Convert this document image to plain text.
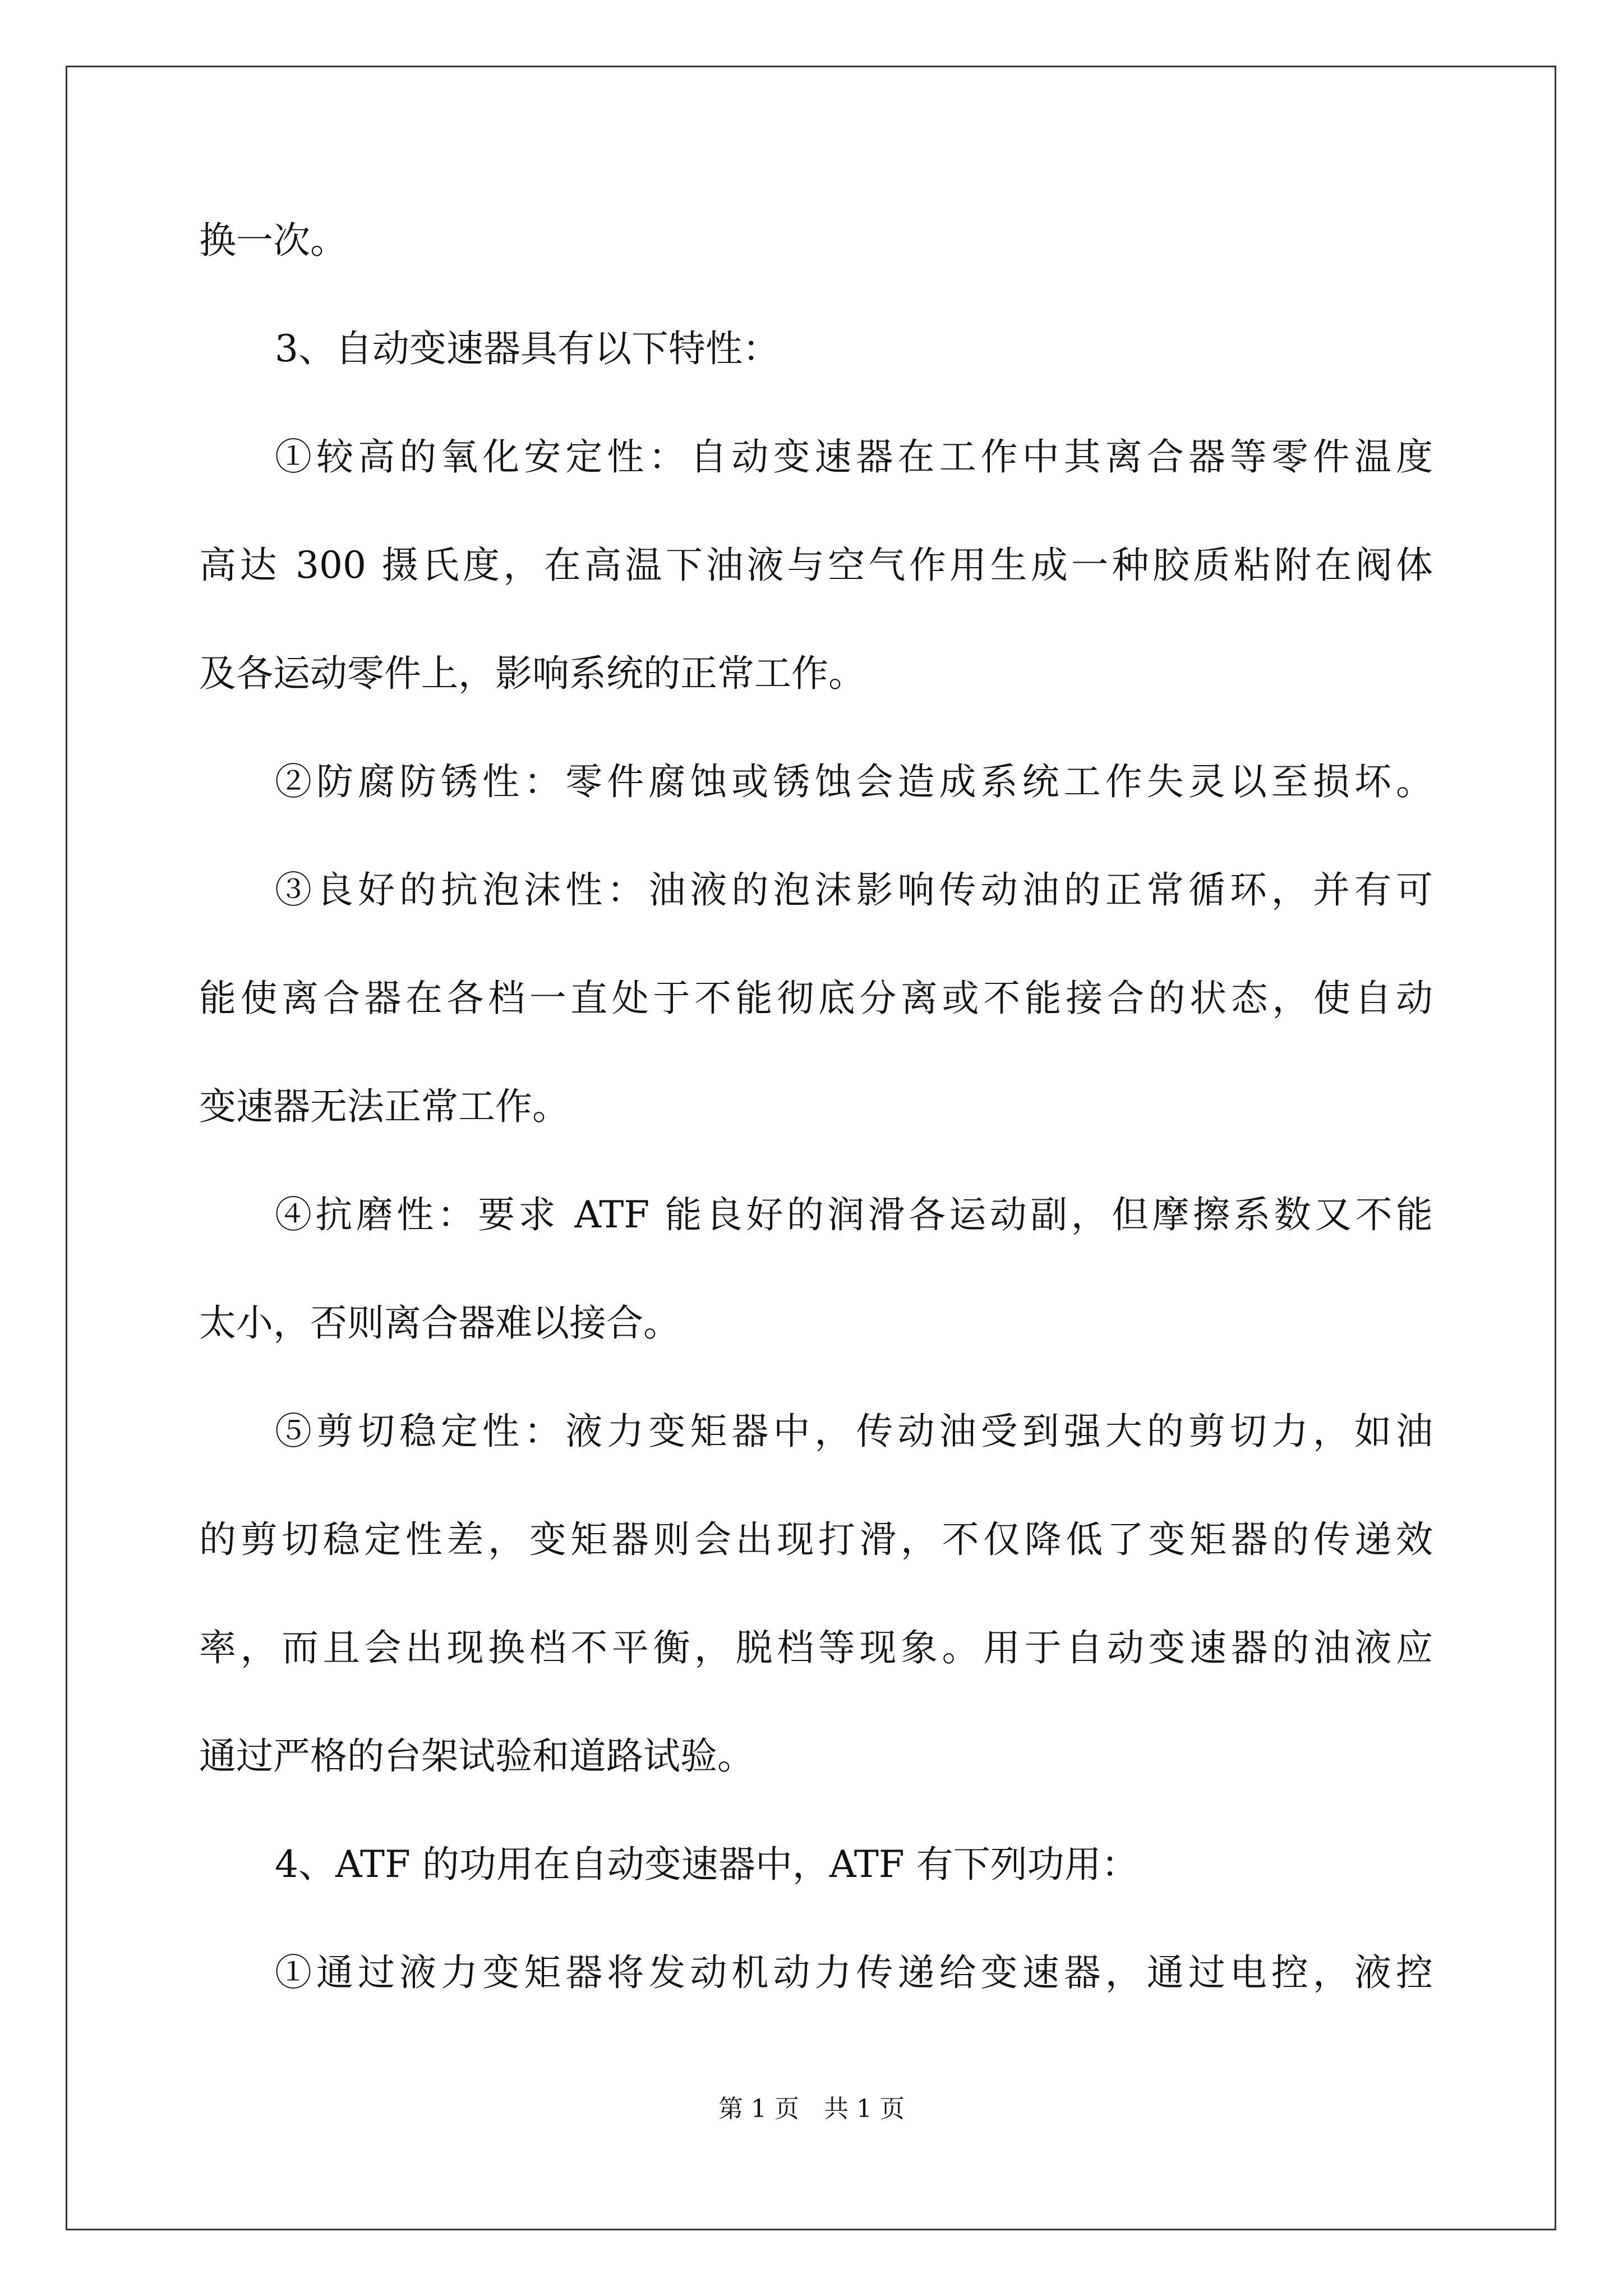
换一次。
3、自动变速器具有以下特性：
①较高的氧化安定性：自动变速器在工作中其离合器等零件温度
高达 300 摄氏度，在高温下油液与空气作用生成一种胶质粘附在阀体
及各运动零件上，影响系统的正常工作。
②防腐防锈性：零件腐蚀或锈蚀会造成系统工作失灵以至损坏。
③良好的抗泡沫性：油液的泡沫影响传动油的正常循环，并有可
能使离合器在各档一直处于不能彻底分离或不能接合的状态，使自动
变速器无法正常工作。
④抗磨性：要求 ATF 能良好的润滑各运动副，但摩擦系数又不能
太小，否则离合器难以接合。
⑤剪切稳定性：液力变矩器中，传动油受到强大的剪切力，如油
的剪切稳定性差，变矩器则会出现打滑，不仅降低了变矩器的传递效
率，而且会出现换档不平衡，脱档等现象。用于自动变速器的油液应
通过严格的台架试验和道路试验。
4、ATF 的功用在自动变速器中，ATF 有下列功用：
①通过液力变矩器将发动机动力传递给变速器，通过电控，液控
第 1 页　共 1 页
